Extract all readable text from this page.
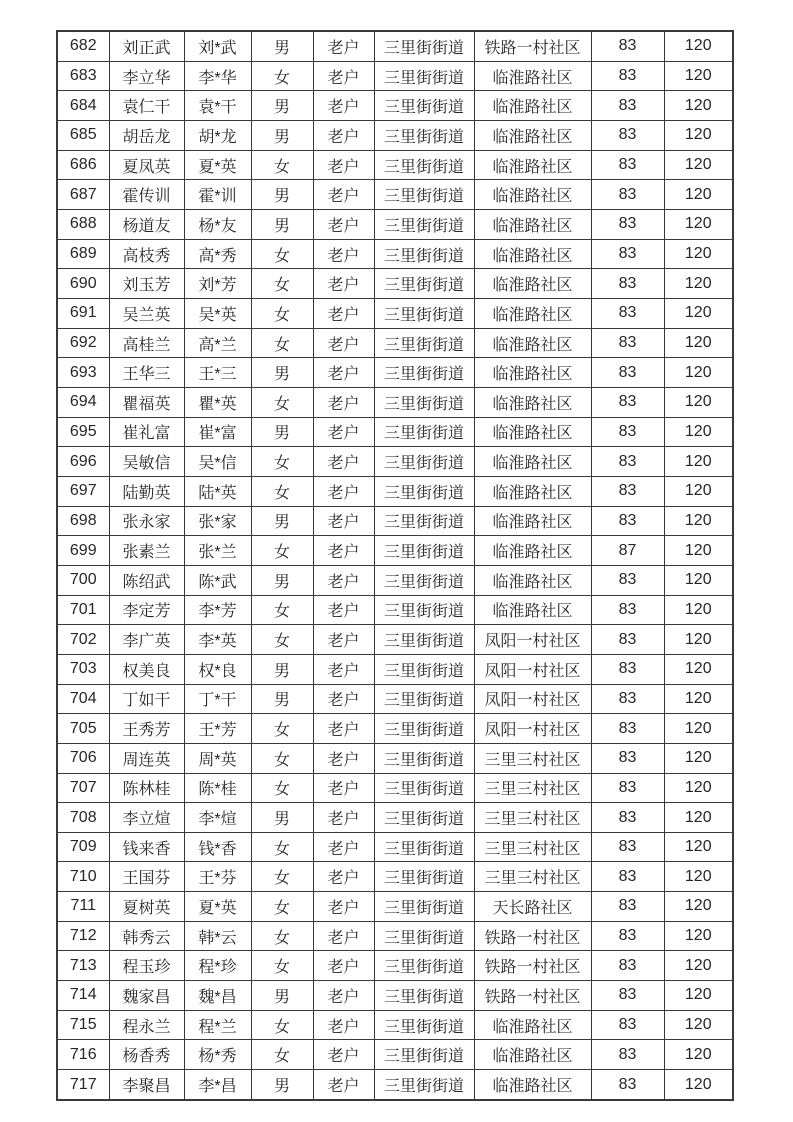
682	刘正武	刘*武	男	老户	三里街街道	铁路一村社区	83	120
683	李立华	李*华	女	老户	三里街街道	临淮路社区	83	120
684	袁仁干	袁*干	男	老户	三里街街道	临淮路社区	83	120
685	胡岳龙	胡*龙	男	老户	三里街街道	临淮路社区	83	120
686	夏凤英	夏*英	女	老户	三里街街道	临淮路社区	83	120
687	霍传训	霍*训	男	老户	三里街街道	临淮路社区	83	120
688	杨道友	杨*友	男	老户	三里街街道	临淮路社区	83	120
689	高枝秀	高*秀	女	老户	三里街街道	临淮路社区	83	120
690	刘玉芳	刘*芳	女	老户	三里街街道	临淮路社区	83	120
691	吴兰英	吴*英	女	老户	三里街街道	临淮路社区	83	120
692	高桂兰	高*兰	女	老户	三里街街道	临淮路社区	83	120
693	王华三	王*三	男	老户	三里街街道	临淮路社区	83	120
694	瞿福英	瞿*英	女	老户	三里街街道	临淮路社区	83	120
695	崔礼富	崔*富	男	老户	三里街街道	临淮路社区	83	120
696	吴敏信	吴*信	女	老户	三里街街道	临淮路社区	83	120
697	陆勤英	陆*英	女	老户	三里街街道	临淮路社区	83	120
698	张永家	张*家	男	老户	三里街街道	临淮路社区	83	120
699	张素兰	张*兰	女	老户	三里街街道	临淮路社区	87	120
700	陈绍武	陈*武	男	老户	三里街街道	临淮路社区	83	120
701	李定芳	李*芳	女	老户	三里街街道	临淮路社区	83	120
702	李广英	李*英	女	老户	三里街街道	凤阳一村社区	83	120
703	权美良	权*良	男	老户	三里街街道	凤阳一村社区	83	120
704	丁如干	丁*干	男	老户	三里街街道	凤阳一村社区	83	120
705	王秀芳	王*芳	女	老户	三里街街道	凤阳一村社区	83	120
706	周连英	周*英	女	老户	三里街街道	三里三村社区	83	120
707	陈林桂	陈*桂	女	老户	三里街街道	三里三村社区	83	120
708	李立煊	李*煊	男	老户	三里街街道	三里三村社区	83	120
709	钱来香	钱*香	女	老户	三里街街道	三里三村社区	83	120
710	王国芬	王*芬	女	老户	三里街街道	三里三村社区	83	120
711	夏树英	夏*英	女	老户	三里街街道	天长路社区	83	120
712	韩秀云	韩*云	女	老户	三里街街道	铁路一村社区	83	120
713	程玉珍	程*珍	女	老户	三里街街道	铁路一村社区	83	120
714	魏家昌	魏*昌	男	老户	三里街街道	铁路一村社区	83	120
715	程永兰	程*兰	女	老户	三里街街道	临淮路社区	83	120
716	杨香秀	杨*秀	女	老户	三里街街道	临淮路社区	83	120
717	李聚昌	李*昌	男	老户	三里街街道	临淮路社区	83	120
